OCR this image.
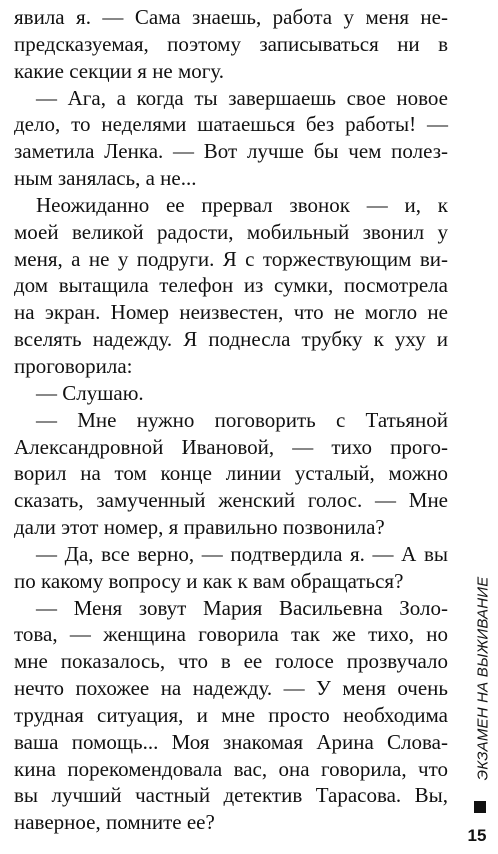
явила я. — Сама знаешь, работа у меня не-
предсказуемая, поэтому записываться ни в
какие секции я не могу.
— Ага, а когда ты завершаешь свое новое
дело, то неделями шатаешься без работы! —
заметила Ленка. — Вот лучше бы чем полез-
ным занялась, а не...
Неожиданно ее прервал звонок — и, к
моей великой радости, мобильный звонил у
меня, а не у подруги. Я с торжествующим ви-
дом вытащила телефон из сумки, посмотрела
на экран. Номер неизвестен, что не могло не
вселять надежду. Я поднесла трубку к уху и
проговорила:
— Слушаю.
— Мне нужно поговорить с Татьяной
Александровной Ивановой, — тихо прого-
ворил на том конце линии усталый, можно
сказать, замученный женский голос. — Мне
дали этот номер, я правильно позвонила?
— Да, все верно, — подтвердила я. — А вы
по какому вопросу и как к вам обращаться?
— Меня зовут Мария Васильевна Золо-
това, — женщина говорила так же тихо, но
мне показалось, что в ее голосе прозвучало
нечто похожее на надежду. — У меня очень
трудная ситуация, и мне просто необходима
ваша помощь... Моя знакомая Арина Слова-
кина порекомендовала вас, она говорила, что
вы лучший частный детектив Тарасова. Вы,
наверное, помните ее?
ЭКЗАМЕН НА ВЫЖИВАНИЕ
15
